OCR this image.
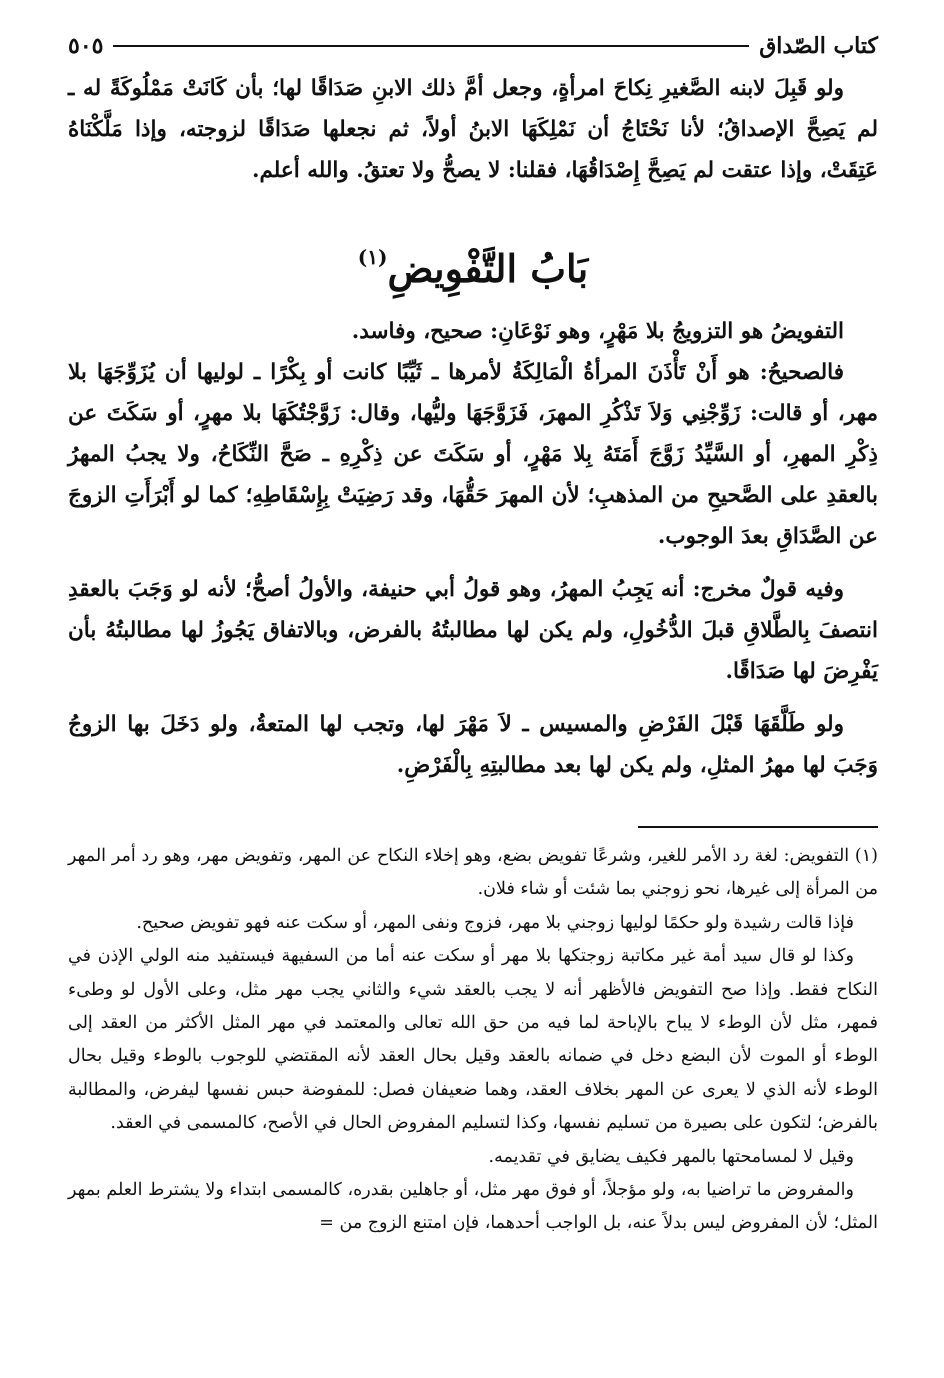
كتاب الصّداق
٥٠٥

ولو قَبِلَ لابنه الصَّغيرِ نِكاحَ امرأةٍ، وجعل أمَّ ذلك الابنِ صَدَاقًا لها؛ بأن كَانَتْ مَمْلُوكَةً له ـ لم يَصِحَّ الإصداقُ؛ لأنا نَحْتَاجُ أن نَمْلِكَهَا الابنُ أولاً، ثم نجعلها صَدَاقًا لزوجته، وإذا مَلَّكْنَاهُ عَتِقَتْ، وإذا عتقت لم يَصِحَّ إِصْدَاقُهَا، فقلنا: لا يصحُّ ولا تعتقُ. والله أعلم.

بَابُ التَّفْوِيضِ$^{(١)}$

التفويضُ هو التزويجُ بلا مَهْرٍ، وهو نَوْعَانِ: صحيح، وفاسد.

فالصحيحُ: هو أَنْ تَأْذَنَ المرأةُ الْمَالِكَةُ لأمرها ـ ثَيِّبًا كانت أو بِكْرًا ـ لوليها أن يُزَوِّجَهَا بلا مهر، أو قالت: زَوِّجْنِي وَلاَ تَذْكُرِ المهرَ، فَزَوَّجَهَا وليُّها، وقال: زَوَّجْتُكَهَا بلا مهرٍ، أو سَكَتَ عن ذِكْرِ المهرِ، أو السَّيِّدُ زَوَّجَ أَمَتَهُ بِلا مَهْرٍ، أو سَكَتَ عن ذِكْرِهِ ـ صَحَّ النِّكَاحُ، ولا يجبُ المهرُ بالعقدِ على الصَّحيحِ من المذهبِ؛ لأن المهرَ حَقُّهَا، وقد رَضِيَتْ بِإِسْقَاطِهِ؛ كما لو أَبْرَأَتِ الزوجَ عن الصَّدَاقِ بعدَ الوجوب.

وفيه قولٌ مخرج: أنه يَجِبُ المهرُ، وهو قولُ أبي حنيفة، والأولُ أصحُّ؛ لأنه لو وَجَبَ بالعقدِ انتصفَ بِالطَّلاقِ قبلَ الدُّخُولِ، ولم يكن لها مطالبتُهُ بالفرض، وبالاتفاق يَجُوزُ لها مطالبتُهُ بأن يَفْرِضَ لها صَدَاقًا.

ولو طَلَّقَهَا قَبْلَ الفَرْضِ والمسيس ـ لاَ مَهْرَ لها، وتجب لها المتعةُ، ولو دَخَلَ بها الزوجُ وَجَبَ لها مهرُ المثلِ، ولم يكن لها بعد مطالبتِهِ بِالْفَرْضِ.

(١) التفويض: لغة رد الأمر للغير، وشرعًا تفويض بضع، وهو إخلاء النكاح عن المهر، وتفويض مهر، وهو رد أمر المهر من المرأة إلى غيرها، نحو زوجني بما شئت أو شاء فلان.

فإذا قالت رشيدة ولو حكمًا لوليها زوجني بلا مهر، فزوج ونفى المهر، أو سكت عنه فهو تفويض صحيح.

وكذا لو قال سيد أمة غير مكاتبة زوجتكها بلا مهر أو سكت عنه أما من السفيهة فيستفيد منه الولي الإذن في النكاح فقط. وإذا صح التفويض فالأظهر أنه لا يجب بالعقد شيء والثاني يجب مهر مثل، وعلى الأول لو وطىء فمهر، مثل لأن الوطء لا يباح بالإباحة لما فيه من حق الله تعالى والمعتمد في مهر المثل الأكثر من العقد إلى الوطء أو الموت لأن البضع دخل في ضمانه بالعقد وقيل بحال العقد لأنه المقتضي للوجوب بالوطء وقيل بحال الوطء لأنه الذي لا يعرى عن المهر بخلاف العقد، وهما ضعيفان فصل: للمفوضة حبس نفسها ليفرض، والمطالبة بالفرض؛ لتكون على بصيرة من تسليم نفسها، وكذا لتسليم المفروض الحال في الأصح، كالمسمى في العقد.

وقيل لا لمسامحتها بالمهر فكيف يضايق في تقديمه.

والمفروض ما تراضيا به، ولو مؤجلاً، أو فوق مهر مثل، أو جاهلين بقدره، كالمسمى ابتداء ولا يشترط العلم بمهر المثل؛ لأن المفروض ليس بدلاً عنه، بل الواجب أحدهما، فإن امتنع الزوج من =
